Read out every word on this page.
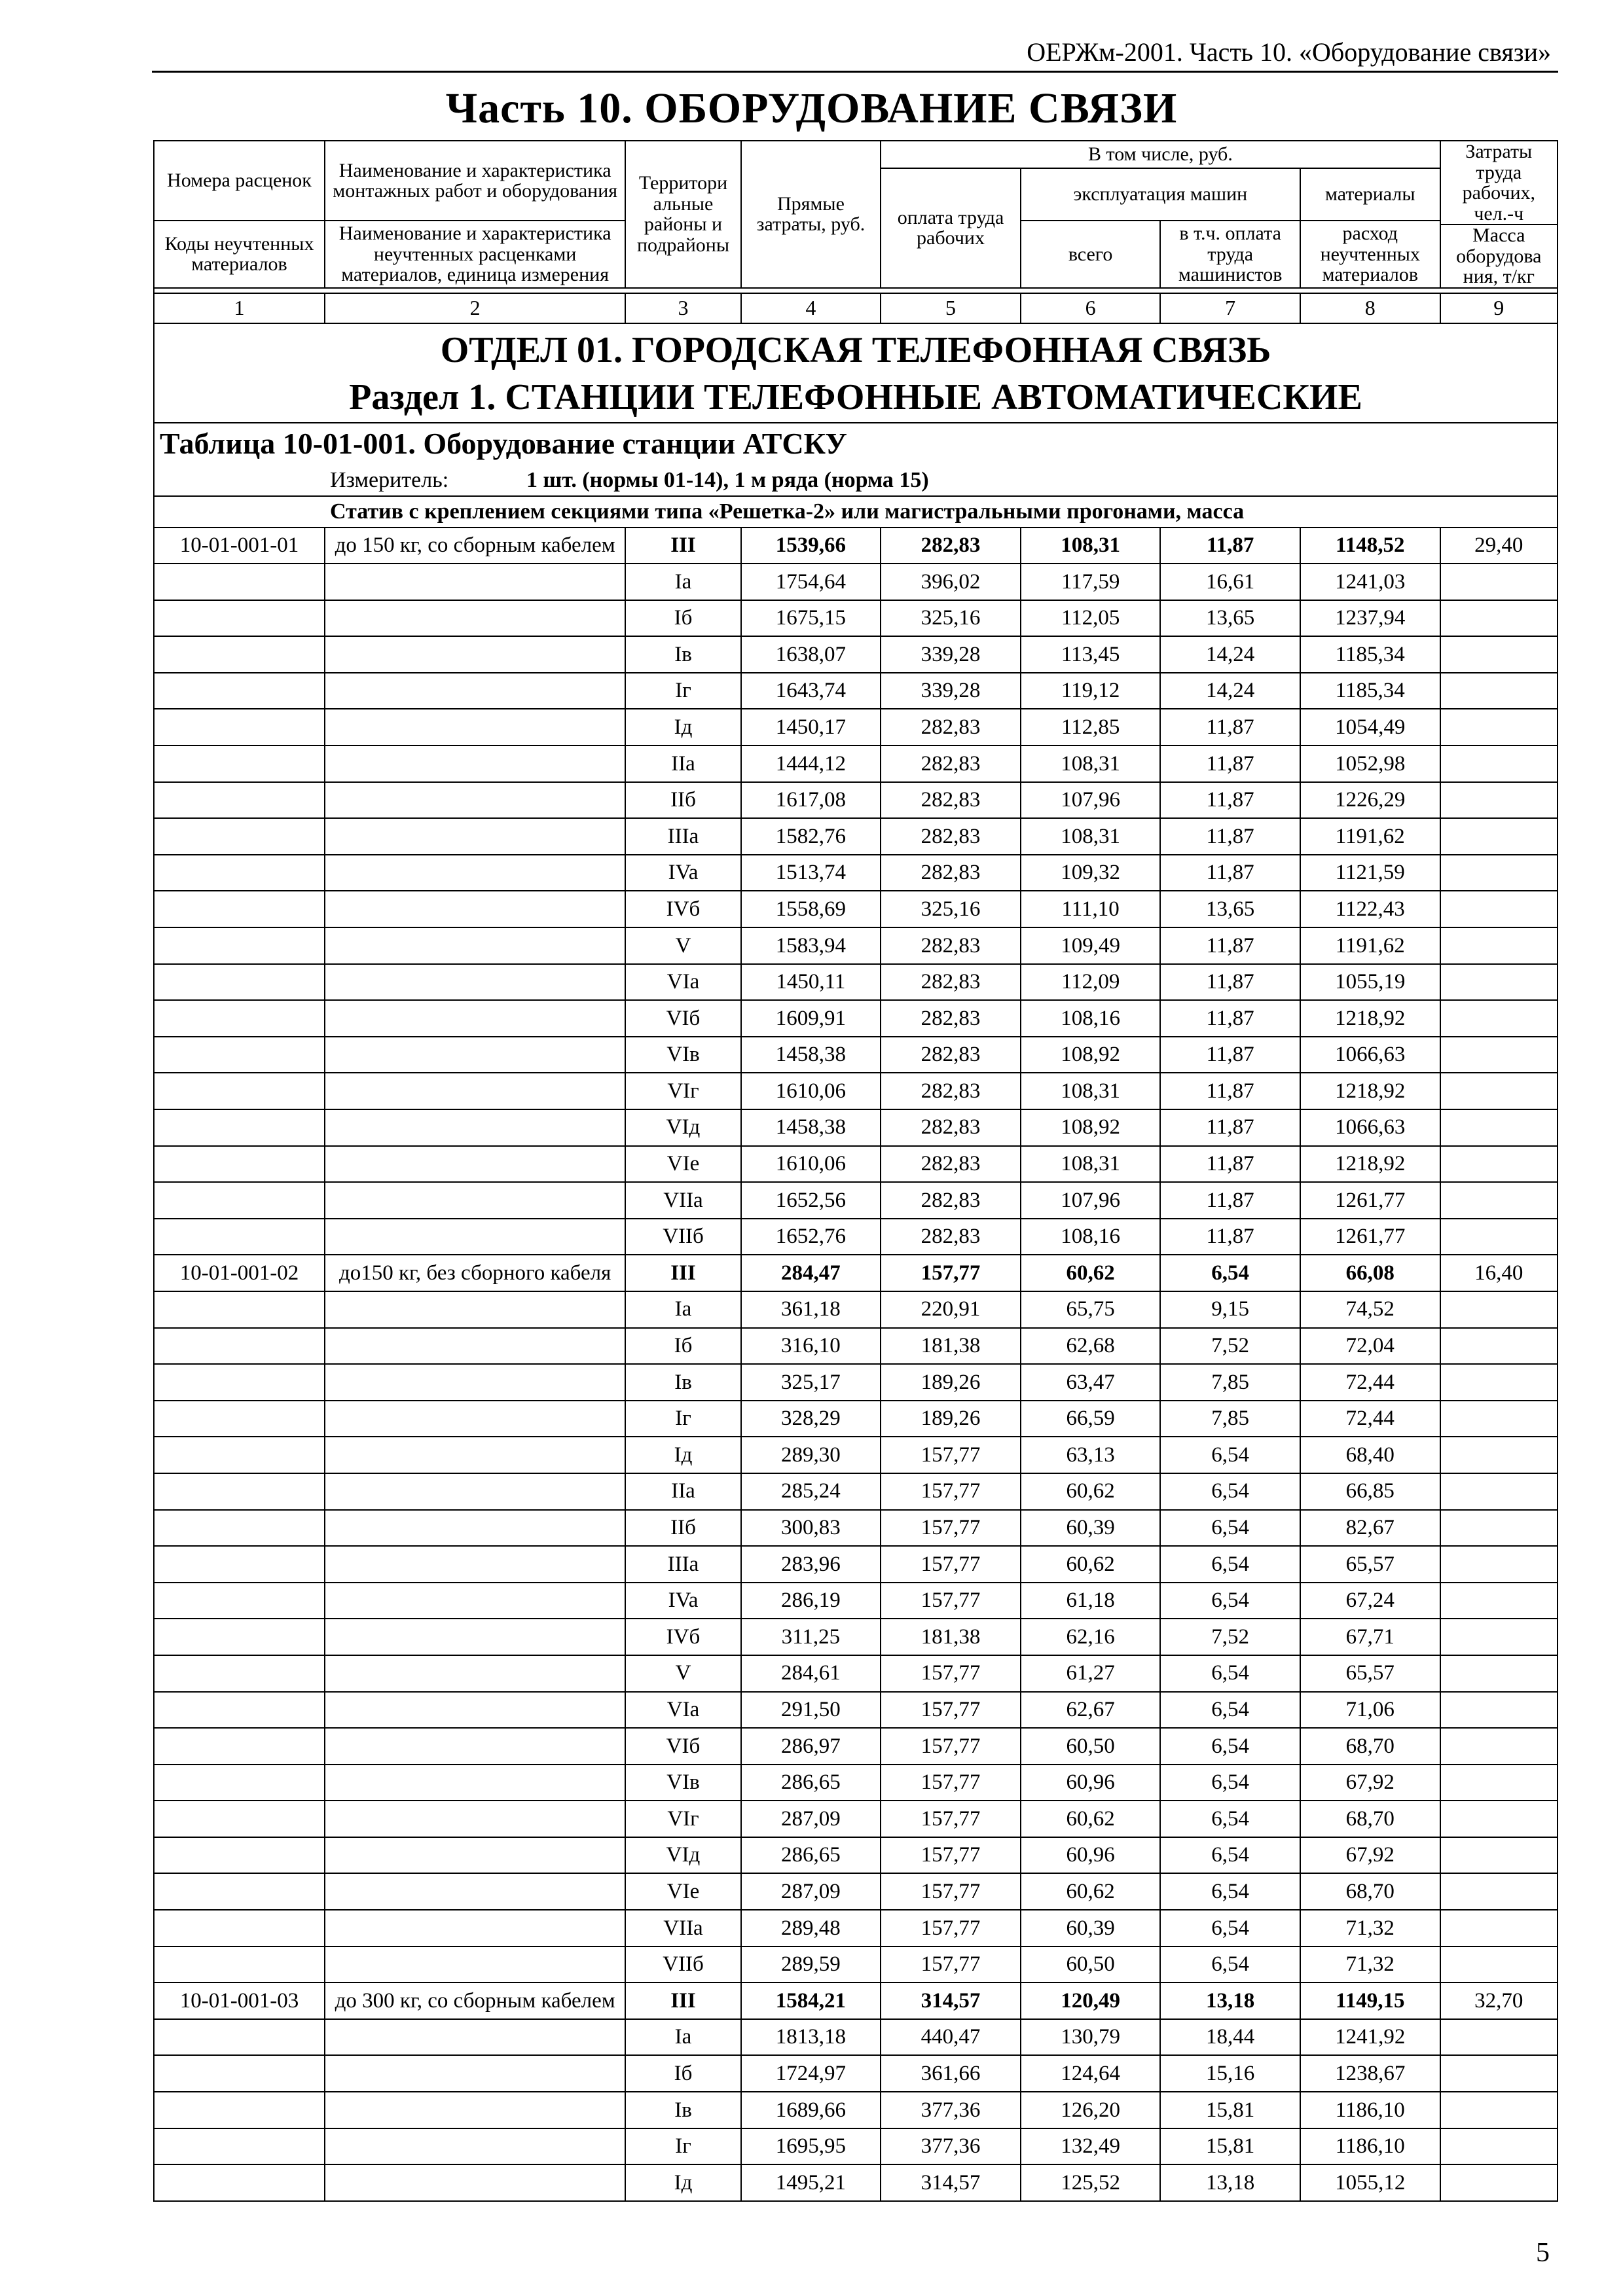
ОЕРЖм-2001. Часть 10. «Оборудование связи»
Часть 10. ОБОРУДОВАНИЕ СВЯЗИ
Номера расценок	Наименование и характеристика монтажных работ и оборудования	Территори альные районы и подрайоны	Прямые затраты, руб.	В том числе, руб.				Затраты труда рабочих, чел.-ч
				оплата труда рабочих	эксплуатация машин		материалы	
Коды неучтенных материалов	Наименование и характеристика неучтенных расценками материалов, единица измерения				всего	в т.ч. оплата труда машинистов	расход неучтенных материалов	
								Масса оборудова ния, т/кг

1	2	3	4	5	6	7	8	9
ОТДЕЛ 01. ГОРОДСКАЯ ТЕЛЕФОННАЯ СВЯЗЬ								
Раздел 1. СТАНЦИИ ТЕЛЕФОННЫЕ АВТОМАТИЧЕСКИЕ								
Таблица 10-01-001. Оборудование станции АТСКУ								
Измеритель: 1 шт. (нормы 01-14), 1 м ряда (норма 15)								
Статив с креплением секциями типа «Решетка-2» или магистральными прогонами, масса								
10-01-001-01	до 150 кг, со сборным кабелем	III	1539,66	282,83	108,31	11,87	1148,52	29,40
		Ia	1754,64	396,02	117,59	16,61	1241,03	
		Iб	1675,15	325,16	112,05	13,65	1237,94	
		Iв	1638,07	339,28	113,45	14,24	1185,34	
		Iг	1643,74	339,28	119,12	14,24	1185,34	
		Iд	1450,17	282,83	112,85	11,87	1054,49	
		IIa	1444,12	282,83	108,31	11,87	1052,98	
		IIб	1617,08	282,83	107,96	11,87	1226,29	
		IIIa	1582,76	282,83	108,31	11,87	1191,62	
		IVa	1513,74	282,83	109,32	11,87	1121,59	
		IVб	1558,69	325,16	111,10	13,65	1122,43	
		V	1583,94	282,83	109,49	11,87	1191,62	
		VIa	1450,11	282,83	112,09	11,87	1055,19	
		VIб	1609,91	282,83	108,16	11,87	1218,92	
		VIв	1458,38	282,83	108,92	11,87	1066,63	
		VIг	1610,06	282,83	108,31	11,87	1218,92	
		VIд	1458,38	282,83	108,92	11,87	1066,63	
		VIe	1610,06	282,83	108,31	11,87	1218,92	
		VIIa	1652,56	282,83	107,96	11,87	1261,77	
		VIIб	1652,76	282,83	108,16	11,87	1261,77	
10-01-001-02	до150 кг, без сборного кабеля	III	284,47	157,77	60,62	6,54	66,08	16,40
		Ia	361,18	220,91	65,75	9,15	74,52	
		Iб	316,10	181,38	62,68	7,52	72,04	
		Iв	325,17	189,26	63,47	7,85	72,44	
		Iг	328,29	189,26	66,59	7,85	72,44	
		Iд	289,30	157,77	63,13	6,54	68,40	
		IIa	285,24	157,77	60,62	6,54	66,85	
		IIб	300,83	157,77	60,39	6,54	82,67	
		IIIa	283,96	157,77	60,62	6,54	65,57	
		IVa	286,19	157,77	61,18	6,54	67,24	
		IVб	311,25	181,38	62,16	7,52	67,71	
		V	284,61	157,77	61,27	6,54	65,57	
		VIa	291,50	157,77	62,67	6,54	71,06	
		VIб	286,97	157,77	60,50	6,54	68,70	
		VIв	286,65	157,77	60,96	6,54	67,92	
		VIг	287,09	157,77	60,62	6,54	68,70	
		VIд	286,65	157,77	60,96	6,54	67,92	
		VIe	287,09	157,77	60,62	6,54	68,70	
		VIIa	289,48	157,77	60,39	6,54	71,32	
		VIIб	289,59	157,77	60,50	6,54	71,32	
10-01-001-03	до 300 кг, со сборным кабелем	III	1584,21	314,57	120,49	13,18	1149,15	32,70
		Ia	1813,18	440,47	130,79	18,44	1241,92	
		Iб	1724,97	361,66	124,64	15,16	1238,67	
		Iв	1689,66	377,36	126,20	15,81	1186,10	
		Iг	1695,95	377,36	132,49	15,81	1186,10	
		Iд	1495,21	314,57	125,52	13,18	1055,12	
5
